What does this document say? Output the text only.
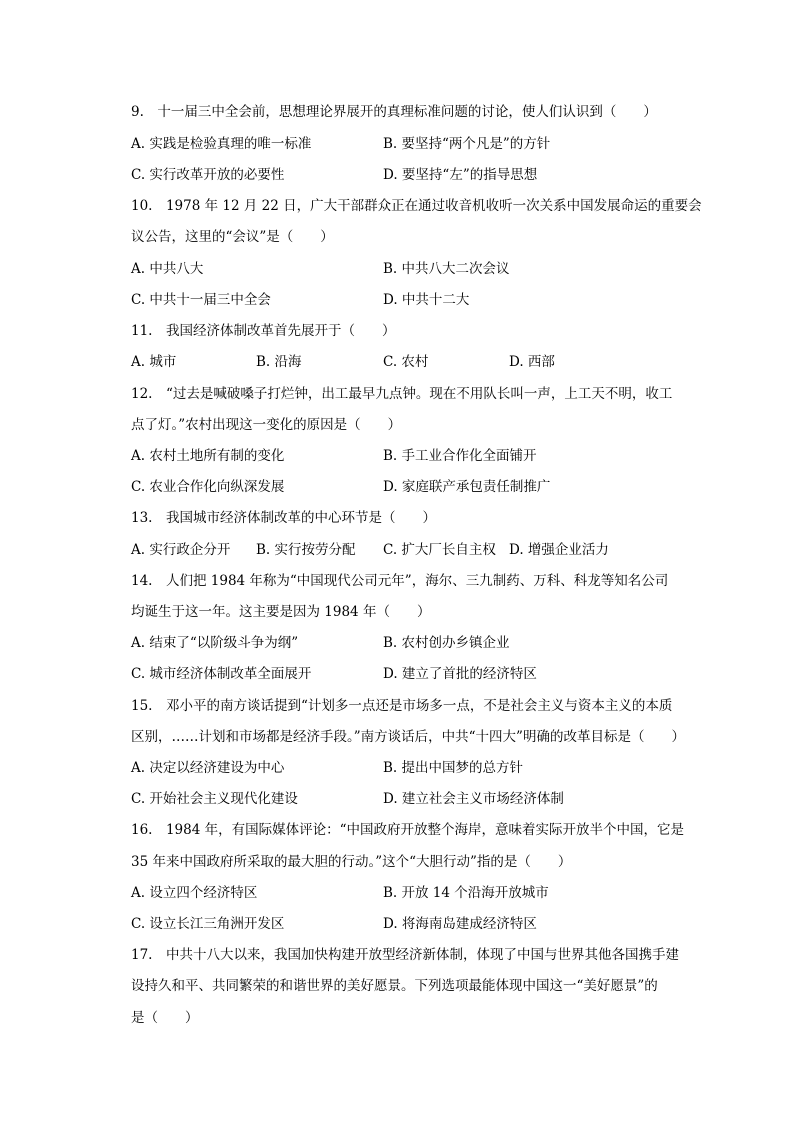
9.　十一届三中全会前，思想理论界展开的真理标准问题的讨论，使人们认识到（　　）
A. 实践是检验真理的唯一标准	B. 要坚持“两个凡是”的方针
C. 实行改革开放的必要性	D. 要坚持“左”的指导思想
10.　1978 年 12 月 22 日，广大干部群众正在通过收音机收听一次关系中国发展命运的重要会
议公告，这里的“会议”是（　　）
A. 中共八大	B. 中共八大二次会议
C. 中共十一届三中全会	D. 中共十二大
11.　我国经济体制改革首先展开于（　　）
A. 城市	B. 沿海	C. 农村	D. 西部
12.　“过去是喊破嗓子打烂钟，出工最早九点钟。现在不用队长叫一声，上工天不明，收工
点了灯。”农村出现这一变化的原因是（　　）
A. 农村土地所有制的变化	B. 手工业合作化全面铺开
C. 农业合作化向纵深发展	D. 家庭联产承包责任制推广
13.　我国城市经济体制改革的中心环节是（　　）
A. 实行政企分开 B. 实行按劳分配 C. 扩大厂长自主权 D. 增强企业活力
14.　人们把 1984 年称为“中国现代公司元年”，海尔、三九制药、万科、科龙等知名公司
均诞生于这一年。这主要是因为 1984 年（　　）
A. 结束了“以阶级斗争为纲”	B. 农村创办乡镇企业
C. 城市经济体制改革全面展开	D. 建立了首批的经济特区
15.　邓小平的南方谈话提到“计划多一点还是市场多一点，不是社会主义与资本主义的本质
区别，……计划和市场都是经济手段。”南方谈话后，中共“十四大”明确的改革目标是（　　）
A. 决定以经济建设为中心	B. 提出中国梦的总方针
C. 开始社会主义现代化建设	D. 建立社会主义市场经济体制
16.　1984 年，有国际媒体评论：“中国政府开放整个海岸，意味着实际开放半个中国，它是
35 年来中国政府所采取的最大胆的行动。”这个“大胆行动”指的是（　　）
A. 设立四个经济特区	B. 开放 14 个沿海开放城市
C. 设立长江三角洲开发区	D. 将海南岛建成经济特区
17.　中共十八大以来，我国加快构建开放型经济新体制，体现了中国与世界其他各国携手建
设持久和平、共同繁荣的和谐世界的美好愿景。下列选项最能体现中国这一“美好愿景”的
是（　　）
